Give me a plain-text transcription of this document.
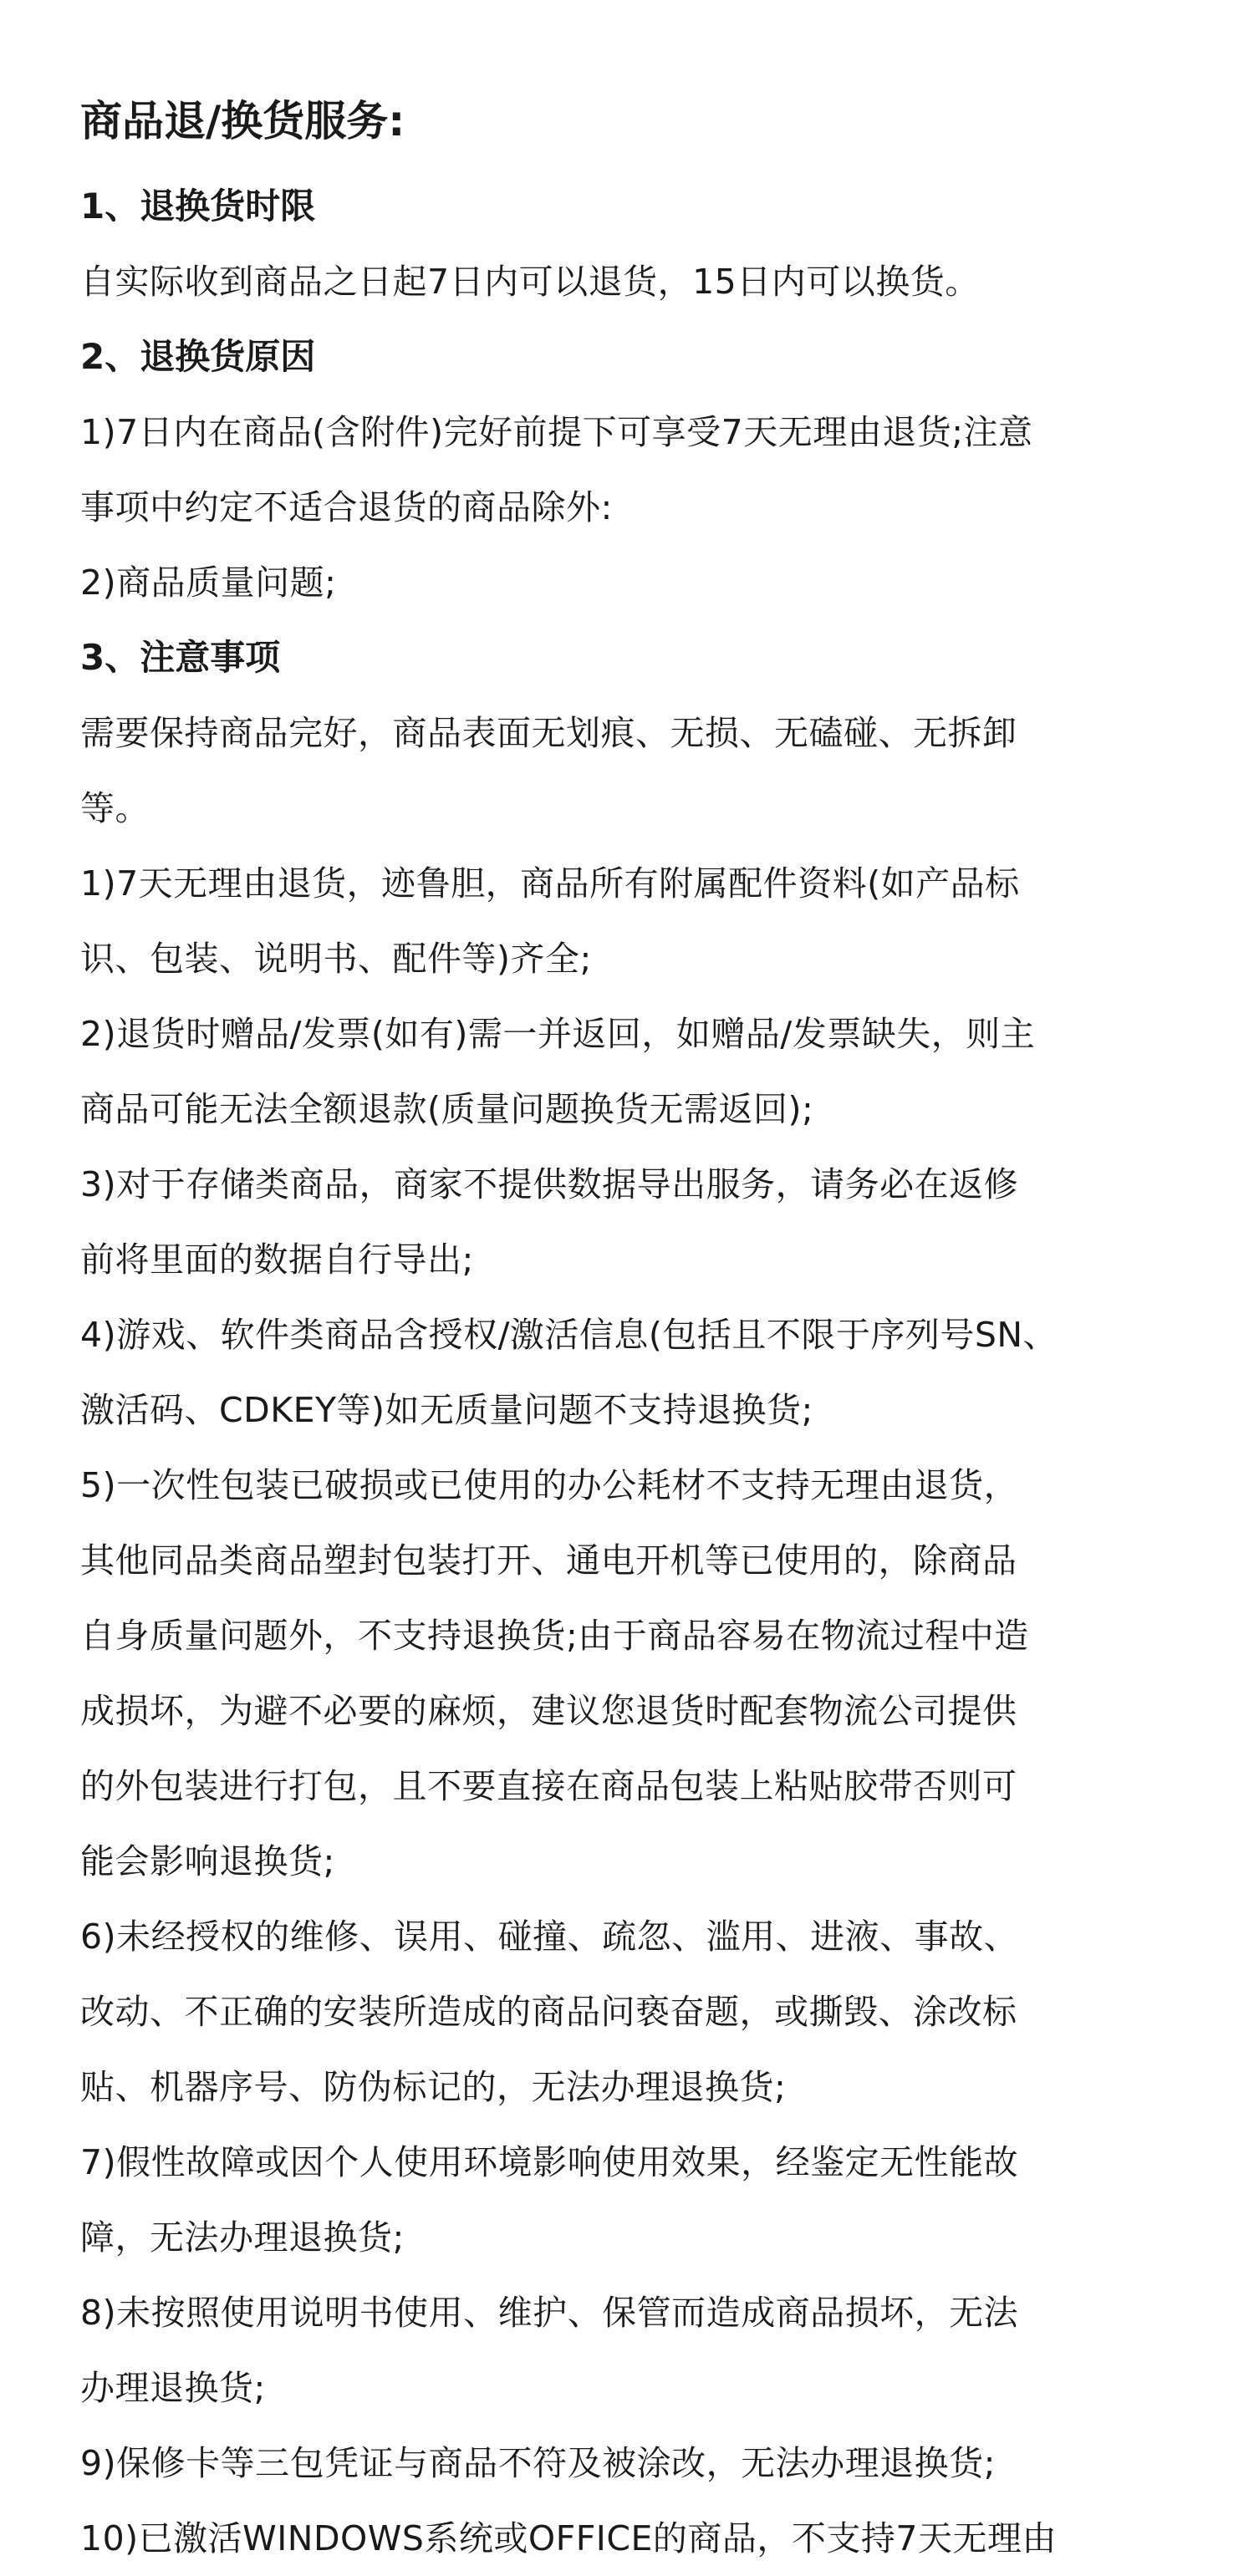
商品退/换货服务:
1、退换货时限
自实际收到商品之日起7日内可以退货，15日内可以换货。
2、退换货原因
1)7日内在商品(含附件)完好前提下可享受7天无理由退货;注意
事项中约定不适合退货的商品除外:
2)商品质量问题;
3、注意事项
需要保持商品完好，商品表面无划痕、无损、无磕碰、无拆卸
等。
1)7天无理由退货，迹鲁胆，商品所有附属配件资料(如产品标
识、包装、说明书、配件等)齐全;
2)退货时赠品/发票(如有)需一并返回，如赠品/发票缺失，则主
商品可能无法全额退款(质量问题换货无需返回);
3)对于存储类商品，商家不提供数据导出服务，请务必在返修
前将里面的数据自行导出;
4)游戏、软件类商品含授权/激活信息(包括且不限于序列号SN、
激活码、CDKEY等)如无质量问题不支持退换货;
5)一次性包装已破损或已使用的办公耗材不支持无理由退货，
其他同品类商品塑封包装打开、通电开机等已使用的，除商品
自身质量问题外，不支持退换货;由于商品容易在物流过程中造
成损坏，为避不必要的麻烦，建议您退货时配套物流公司提供
的外包装进行打包，且不要直接在商品包装上粘贴胶带否则可
能会影响退换货;
6)未经授权的维修、误用、碰撞、疏忽、滥用、进液、事故、
改动、不正确的安装所造成的商品问亵奋题，或撕毁、涂改标
贴、机器序号、防伪标记的，无法办理退换货;
7)假性故障或因个人使用环境影响使用效果，经鉴定无性能故
障，无法办理退换货;
8)未按照使用说明书使用、维护、保管而造成商品损坏，无法
办理退换货;
9)保修卡等三包凭证与商品不符及被涂改，无法办理退换货;
10)已激活WINDOWS系统或OFFICE的商品，不支持7天无理由
